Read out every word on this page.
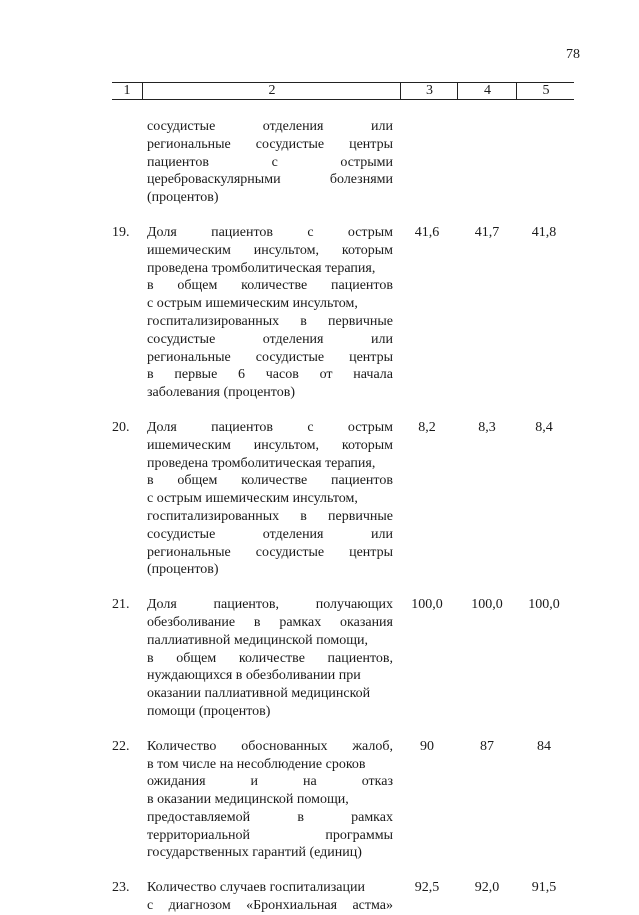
78
1	2	3	4	5
сосудистые	отделения	или
региональные сосудистые центры
пациентов	с	острыми
цереброваскулярными	болезнями
(процентов)
19.	Доля пациентов с острым
ишемическим инсультом, которым
проведена тромболитическая терапия,
в общем количестве пациентов
с острым ишемическим инсультом,
госпитализированных в первичные
сосудистые	отделения	или
региональные сосудистые центры
в первые 6 часов от начала
заболевания (процентов)
41,6	41,7	41,8
20.	Доля пациентов с острым
ишемическим инсультом, которым
проведена тромболитическая терапия,
в общем количестве пациентов
с острым ишемическим инсультом,
госпитализированных в первичные
сосудистые	отделения	или
региональные сосудистые центры
(процентов)
8,2	8,3	8,4
21.	Доля	пациентов,	получающих
обезболивание в рамках оказания
паллиативной медицинской помощи,
в общем количестве пациентов,
нуждающихся в обезболивании при
оказании паллиативной медицинской
помощи (процентов)
100,0	100,0	100,0
22.	Количество обоснованных жалоб,
в том числе на несоблюдение сроков
ожидания	и	на	отказ
в оказании медицинской помощи,
предоставляемой	в	рамках
территориальной	программы
государственных гарантий (единиц)
90	87	84
23.	Количество случаев госпитализации
с диагнозом «Бронхиальная астма»
92,5	92,0	91,5
